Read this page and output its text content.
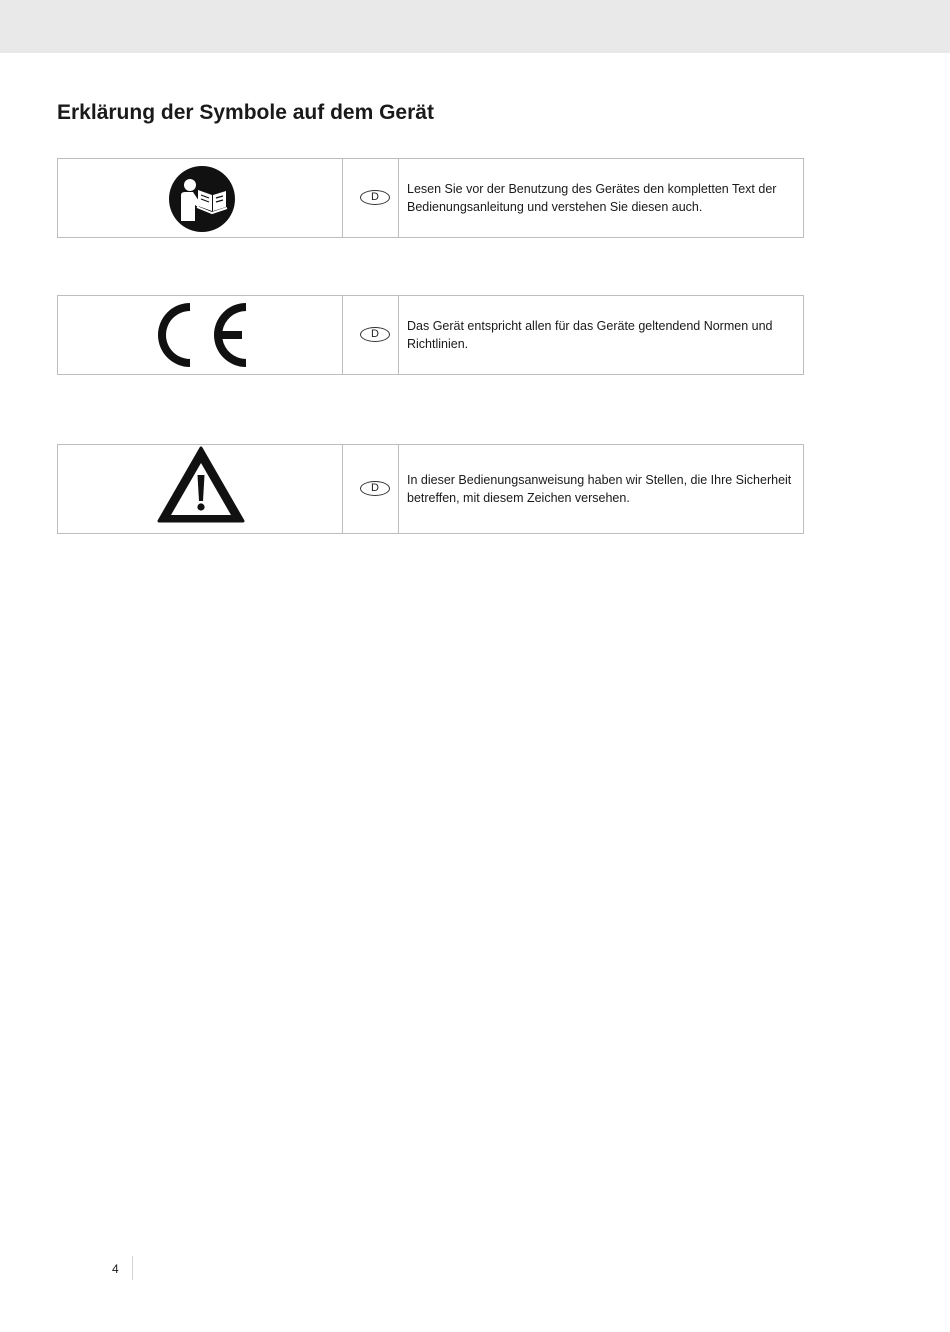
Erklärung der Symbole auf dem Gerät
D

Lesen Sie vor der Benutzung des Gerätes den kompletten Text der Bedienungsanleitung und verstehen Sie diesen auch.

D

Das Gerät entspricht allen für das Geräte geltendend Normen und Richtlinien.

D

In dieser Bedienungsanweisung haben wir Stellen, die Ihre Sicherheit betreffen, mit diesem Zeichen versehen.

4
